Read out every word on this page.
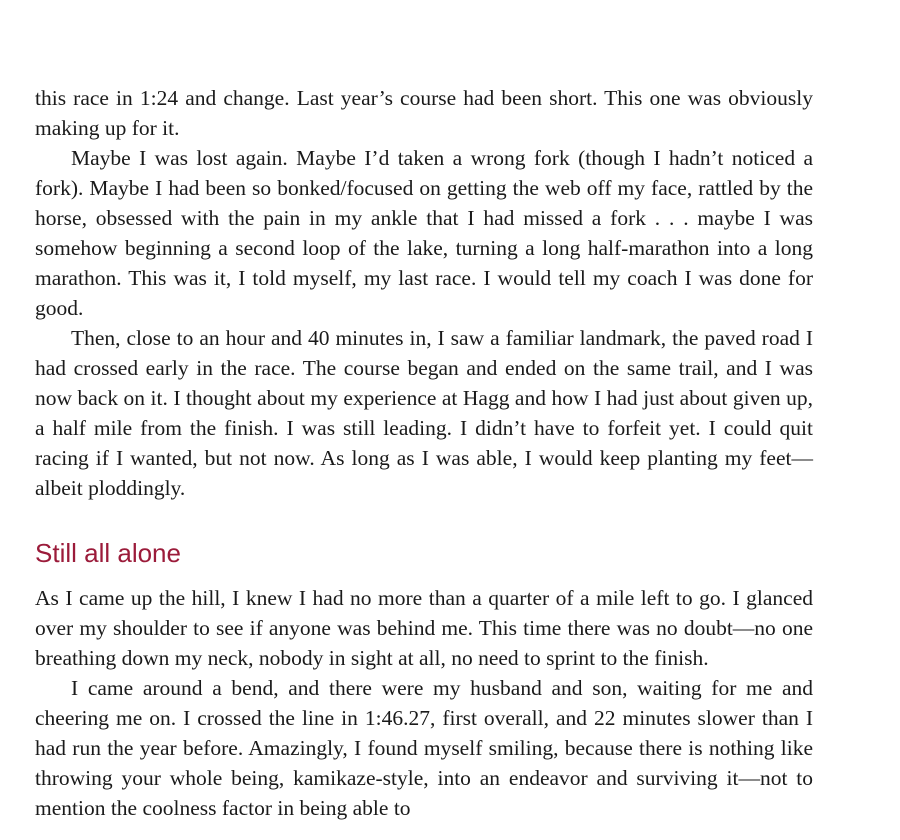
this race in 1:24 and change. Last year’s course had been short. This one was obviously making up for it.

Maybe I was lost again. Maybe I’d taken a wrong fork (though I hadn’t noticed a fork). Maybe I had been so bonked/focused on getting the web off my face, rattled by the horse, obsessed with the pain in my ankle that I had missed a fork . . . maybe I was somehow beginning a second loop of the lake, turning a long half-marathon into a long marathon. This was it, I told myself, my last race. I would tell my coach I was done for good.

Then, close to an hour and 40 minutes in, I saw a familiar landmark, the paved road I had crossed early in the race. The course began and ended on the same trail, and I was now back on it. I thought about my experience at Hagg and how I had just about given up, a half mile from the finish. I was still leading. I didn’t have to forfeit yet. I could quit racing if I wanted, but not now. As long as I was able, I would keep planting my feet— albeit ploddingly.

Still all alone

As I came up the hill, I knew I had no more than a quarter of a mile left to go. I glanced over my shoulder to see if anyone was behind me. This time there was no doubt—no one breathing down my neck, nobody in sight at all, no need to sprint to the finish.

I came around a bend, and there were my husband and son, waiting for me and cheering me on. I crossed the line in 1:46.27, first overall, and 22 minutes slower than I had run the year before. Amazingly, I found myself smiling, because there is nothing like throwing your whole being, kamikaze-style, into an endeavor and surviving it—not to mention the coolness factor in being able to
